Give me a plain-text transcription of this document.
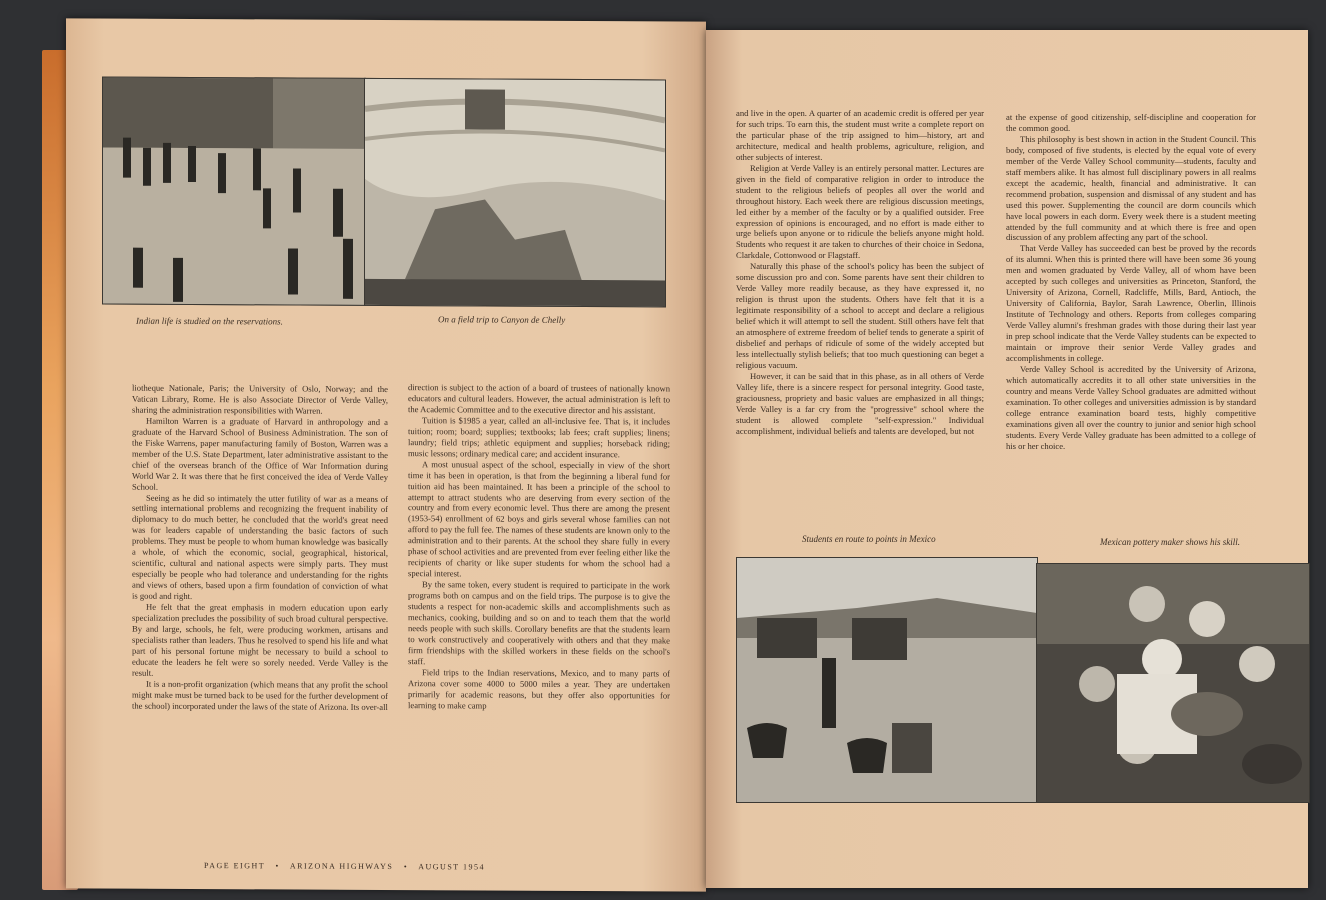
Indian life is studied on the reservations.	On a field trip to Canyon de Chelly

liotheque Nationale, Paris; the University of Oslo, Norway; and the Vatican Library, Rome. He is also Associate Director of Verde Valley, sharing the administration responsibilities with Warren.

Hamilton Warren is a graduate of Harvard in anthropology and a graduate of the Harvard School of Business Administration. The son of the Fiske Warrens, paper manufacturing family of Boston, Warren was a member of the U.S. State Department, later administrative assistant to the chief of the overseas branch of the Office of War Information during World War 2. It was there that he first conceived the idea of Verde Valley School.

Seeing as he did so intimately the utter futility of war as a means of settling international problems and recognizing the frequent inability of diplomacy to do much better, he concluded that the world's great need was for leaders capable of understanding the basic factors of such problems. They must be people to whom human knowledge was basically a whole, of which the economic, social, geographical, historical, scientific, cultural and national aspects were simply parts. They must especially be people who had tolerance and understanding for the rights and views of others, based upon a firm foundation of conviction of what is good and right.

He felt that the great emphasis in modern education upon early specialization precludes the possibility of such broad cultural perspective. By and large, schools, he felt, were producing workmen, artisans and specialists rather than leaders. Thus he resolved to spend his life and what part of his personal fortune might be necessary to build a school to educate the leaders he felt were so sorely needed. Verde Valley is the result.

It is a non-profit organization (which means that any profit the school might make must be turned back to be used for the further development of the school) incorporated under the laws of the state of Arizona. Its over-all

direction is subject to the action of a board of trustees of nationally known educators and cultural leaders. However, the actual administration is left to the Academic Committee and to the executive director and his assistant.

Tuition is $1985 a year, called an all-inclusive fee. That is, it includes tuition; room; board; supplies; textbooks; lab fees; craft supplies; linens; laundry; field trips; athletic equipment and supplies; horseback riding; music lessons; ordinary medical care; and accident insurance.

A most unusual aspect of the school, especially in view of the short time it has been in operation, is that from the beginning a liberal fund for tuition aid has been maintained. It has been a principle of the school to attempt to attract students who are deserving from every section of the country and from every economic level. Thus there are among the present (1953-54) enrollment of 62 boys and girls several whose families can not afford to pay the full fee. The names of these students are known only to the administration and to their parents. At the school they share fully in every phase of school activities and are prevented from ever feeling either like the recipients of charity or like super students for whom the school had a special interest.

By the same token, every student is required to participate in the work programs both on campus and on the field trips. The purpose is to give the students a respect for non-academic skills and accomplishments such as mechanics, cooking, building and so on and to teach them that the world needs people with such skills. Corollary benefits are that the students learn to work constructively and cooperatively with others and that they make firm friendships with the skilled workers in these fields on the school's staff.

Field trips to the Indian reservations, Mexico, and to many parts of Arizona cover some 4000 to 5000 miles a year. They are undertaken primarily for academic reasons, but they offer also opportunities for learning to make camp

PAGE EIGHT   •   ARIZONA HIGHWAYS   •   AUGUST 1954

and live in the open. A quarter of an academic credit is offered per year for such trips. To earn this, the student must write a complete report on the particular phase of the trip assigned to him—history, art and architecture, medical and health problems, agriculture, religion, and other subjects of interest.

Religion at Verde Valley is an entirely personal matter. Lectures are given in the field of comparative religion in order to introduce the student to the religious beliefs of peoples all over the world and throughout history. Each week there are religious discussion meetings, led either by a member of the faculty or by a qualified outsider. Free expression of opinions is encouraged, and no effort is made either to urge beliefs upon anyone or to ridicule the beliefs anyone might hold. Students who request it are taken to churches of their choice in Sedona, Clarkdale, Cottonwood or Flagstaff.

Naturally this phase of the school's policy has been the subject of some discussion pro and con. Some parents have sent their children to Verde Valley more readily because, as they have expressed it, no religion is thrust upon the students. Others have felt that it is a legitimate responsibility of a school to accept and declare a religious belief which it will attempt to sell the student. Still others have felt that an atmosphere of extreme freedom of belief tends to generate a spirit of disbelief and perhaps of ridicule of some of the widely accepted but less intellectually stylish beliefs; that too much questioning can beget a religious vacuum.

However, it can be said that in this phase, as in all others of Verde Valley life, there is a sincere respect for personal integrity. Good taste, graciousness, propriety and basic values are emphasized in all things; Verde Valley is a far cry from the "progressive" school where the student is allowed complete "self-expression." Individual accomplishment, individual beliefs and talents are developed, but not

at the expense of good citizenship, self-discipline and cooperation for the common good.

This philosophy is best shown in action in the Student Council. This body, composed of five students, is elected by the equal vote of every member of the Verde Valley School community—students, faculty and staff members alike. It has almost full disciplinary powers in all realms except the academic, health, financial and administrative. It can recommend probation, suspension and dismissal of any student and has used this power. Supplementing the council are dorm councils which have local powers in each dorm. Every week there is a student meeting attended by the full community and at which there is free and open discussion of any problem affecting any part of the school.

That Verde Valley has succeeded can best be proved by the records of its alumni. When this is printed there will have been some 36 young men and women graduated by Verde Valley, all of whom have been accepted by such colleges and universities as Princeton, Stanford, the University of Arizona, Cornell, Radcliffe, Mills, Bard, Antioch, the University of California, Baylor, Sarah Lawrence, Oberlin, Illinois Institute of Technology and others. Reports from colleges comparing Verde Valley alumni's freshman grades with those during their last year in prep school indicate that the Verde Valley students can be expected to maintain or improve their senior Verde Valley grades and accomplishments in college.

Verde Valley School is accredited by the University of Arizona, which automatically accredits it to all other state universities in the country and means Verde Valley School graduates are admitted without examination. To other colleges and universities admission is by standard college entrance examination board tests, highly competitive examinations given all over the country to junior and senior high school students. Every Verde Valley graduate has been admitted to a college of his or her choice.

Students en route to points in Mexico	Mexican pottery maker shows his skill.
